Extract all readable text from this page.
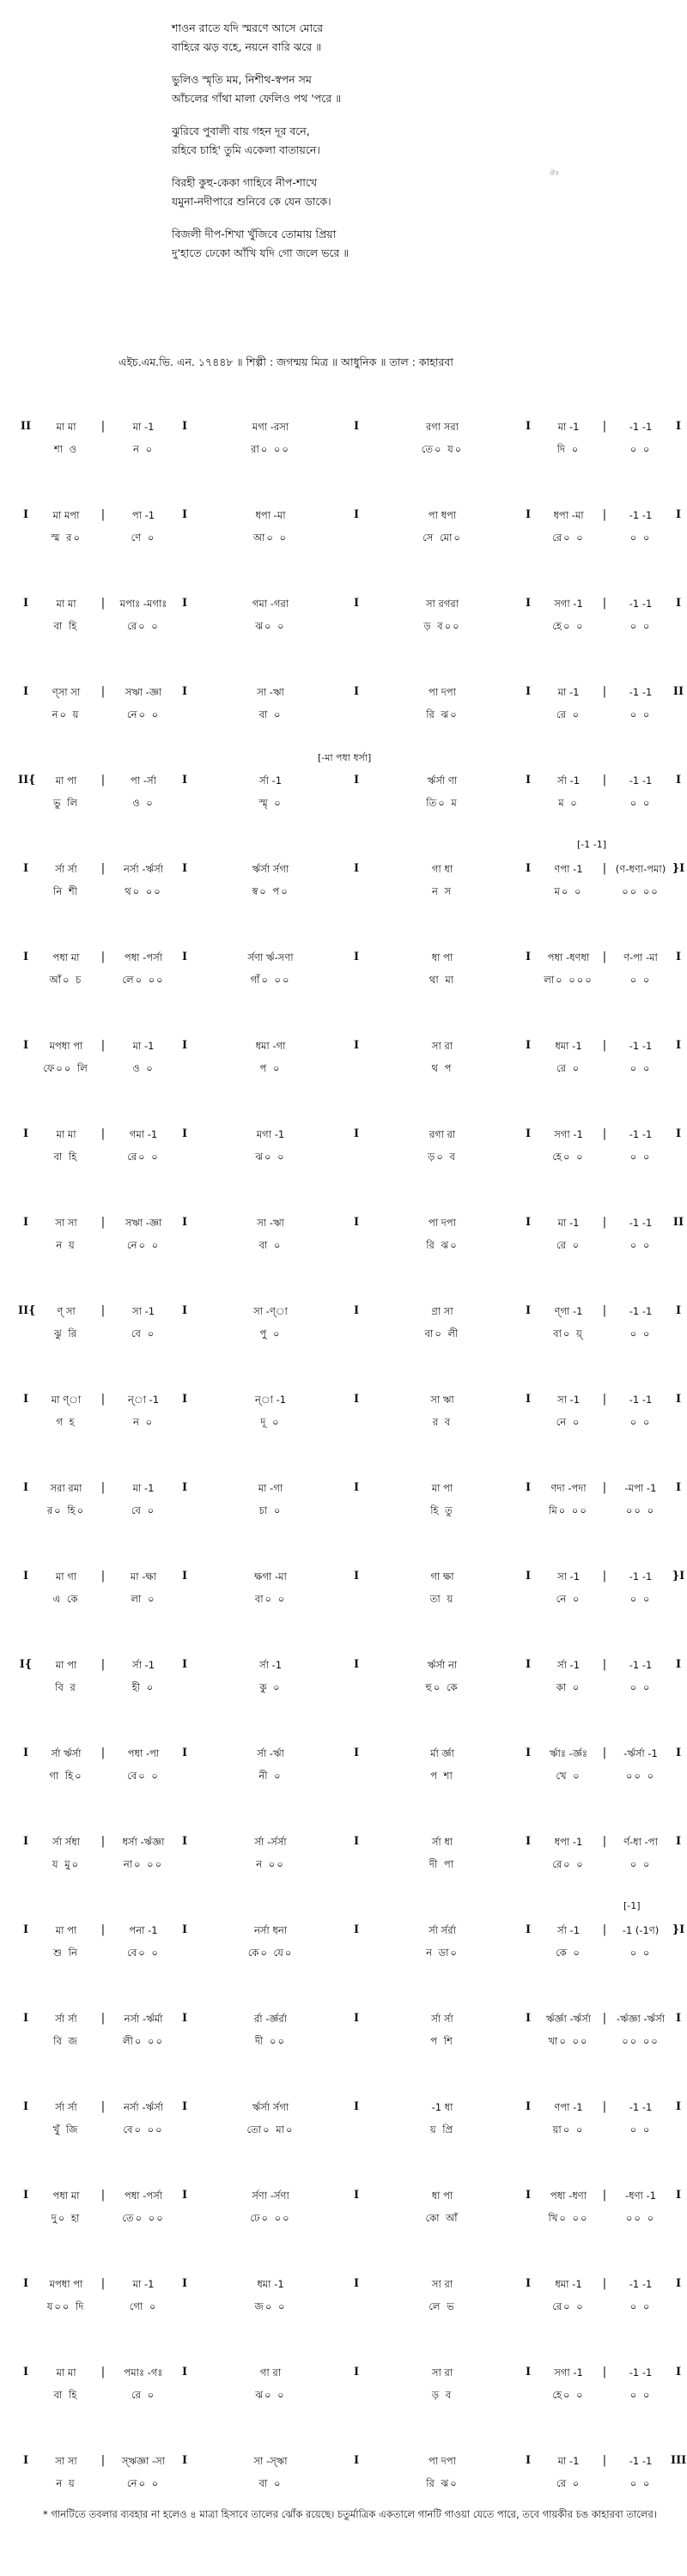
শাওন রাতে যদি স্মরণে আসে মোরে
বাহিরে ঝড় বহে, নয়নে বারি ঝরে ॥
ভুলিও স্মৃতি মম, নিশীথ-স্বপন সম
আঁচলের গাঁথা মালা ফেলিও পথ 'পরে ॥
ঝুরিবে পুবালী বায় গহন দূর বনে,
রহিবে চাহি' তুমি একেলা বাতায়নে।
বিরহী কুহু-কেকা গাহিবে নীপ-শাখে
যমুনা-নদীপারে শুনিবে কে যেন ডাকে।
বিজলী দীপ-শিখা খুঁজিবে তোমায় প্রিয়া
দু'হাতে ঢেকো আঁখি যদি গো জলে ভরে ॥
ঔঃ
এইচ.এম.ভি. এন. ১৭৪৪৮ ॥ শিল্পী : জগন্ময় মিত্র ॥ আধুনিক ॥ তাল : কাহারবা
II	I	I	I	I
মা মা	মা -1	মগা -রসা	রগা সরা	মা -1	-1 -1
|	|
শা ও	ন ০	রা০ ০০	তে০ য০	দি ০	০ ০
I	I	I	I	I
মা মপা	পা -1	ধপা -মা	পা ধপা	ধপা -মা	-1 -1
|	|
স্ম র০	ণে ০	আ০ ০	সে মো০	রে০ ০	০ ০
I	I	I	I	I
মা মা	মপাঃ -মগাঃ	গমা -গরা	সা রগরা	সগা -1	-1 -1
|	|
বা হি	রে০ ০	ঝ০ ০	ড় ব০০	হে০ ০	০ ০
I	I	I	I	II
ণ্সা সা	সঋা -জ্ঞা	সা -ঋা	পা দপা	মা -1	-1 -1
|	|
ন০ য়	নে০ ০	বা ০	রি ঝ০	রে ০	০ ০
[-মা পধা ধর্সা]
II{	I	I	I	I
মা পা	পা -র্সা	র্সা -1	র্ঋর্সা ণা	র্সা -1	-1 -1
|	|
ভু লি	ও ০	স্মৃ ০	তি০ ম	ম ০	০ ০
[-1 -1]
I	I	I	I	}I
র্সা র্সা	নর্সা -র্ঋর্সা	র্ঋর্সা র্সগা	গা ধা	ণপা -1	(ণ-ধণা-পমা)
|	|
নি শী	থ০ ০০	স্ব০ প০	ন স	ম০ ০	০০ ০০
I	I	I	I	I
পধা মা	পধা -পর্সা	র্সণা র্ঋ-সণা	ধা পা	পধা -ধণধা	ণ-পা -মা
|	|
আঁ০ চ	লে০ ০০	গাঁ০ ০০	থা মা	লা০ ০০০	০ ০
I	I	I	I	I
মপধা পা	মা -1	ধমা -গা	সা রা	ধমা -1	-1 -1
|	|
ফে০০ লি	ও ০	প ০	থ প	রে ০	০ ০
I	I	I	I	I
মা মা	গমা -1	মগা -1	রগা রা	সগা -1	-1 -1
|	|
বা হি	রে০ ০	ঝ০ ০	ড়০ ব	হে০ ০	০ ০
I	I	I	I	II
সা সা	সঋা -জ্ঞা	সা -ঋা	পা দপা	মা -1	-1 -1
|	|
ন য়	নে০ ০	বা ০	রি ঝ০	রে ০	০ ০
II{	I	I	I	I
ণ্ সা	সা -1	সা -ণ্া	ণ্রা সা	ণ্গা -1	-1 -1
|	|
ঝু রি	বে ০	পু ০	বা০ লী	বা০ য়্	০ ০
I	I	I	I	I
মা ণ্া	ন্া -1	ন্া -1	সা ঋা	সা -1	-1 -1
|	|
গ হ	ন ০	দূ ০	র ব	নে ০	০ ০
I	I	I	I	I
সরা রমা	মা -1	মা -গা	মা পা	ণদা -পদা	-মপা -1
|	|
র০ হি০	বে ০	চা ০	হি তু	মি০ ০০	০০ ০
I	I	I	I	}I
মা গা	মা -ক্ষা	ক্ষগা -মা	গা ক্ষা	সা -1	-1 -1
|	|
এ কে	লা ০	বা০ ০	তা য়	নে ০	০ ০
I{	I	I	I	I
মা পা	র্সা -1	র্সা -1	র্ঋর্সা না	র্সা -1	-1 -1
|	|
বি র	হী ০	কু ০	হু০ কে	কা ০	০ ০
I	I	I	I	I
র্সা র্ঋর্সা	পধা -পা	র্সা -র্ঋা	র্মা র্জ্ঞা	র্ঋাঃ -র্জ্ঞঃ	-র্ঋর্সা -1
|	|
গা হি০	বে০ ০	নী ০	প শা	খে ০	০০ ০
I	I	I	I	I
র্সা র্সধা	ধর্সা -র্ঋজ্ঞা	র্সা -র্সর্সা	র্সা ধা	ধপা -1	র্ণ-ধা -পা
|	|
য মু০	না০ ০০	ন ০০	দী পা	রে০ ০	০ ০
[-1]
I	I	I	I	}I
মা পা	পনা -1	নর্সা ধনা	র্সা র্সর্রা	র্সা -1	-1 (-1ণ)
|	|
শু নি	বে০ ০	কে০ যে০	ন ডা০	কে ০	০ ০
I	I	I	I	I
র্সা র্সা	নর্সা -র্ঋর্মা	র্রা -র্জ্ঞর্রা	র্সা র্সা	র্ঋর্জ্ঞা -র্ঋর্সা	-র্ঋজ্ঞা -র্ঋর্সা
|	|
বি জ	লী০ ০০	দী ০০	প শি	খা০ ০০	০০ ০০
I	I	I	I	I
র্সা র্সা	নর্সা -র্ঋর্সা	র্ঋর্সা র্সগা	-1 ধা	ণপা -1	-1 -1
|	|
খুঁ জি	বে০ ০০	তো০ মা০	য় প্রি	য়া০ ০	০ ০
I	I	I	I	I
পধা মা	পধা -পর্সা	র্সণা -র্সণা	ধা পা	পধা -ধণা	-ধণা -1
|	|
দু০ হা	তে০ ০০	ঢে০ ০০	কো আঁ	খি০ ০০	০০ ০
I	I	I	I	I
মপধা পা	মা -1	ধমা -1	সা রা	ধমা -1	-1 -1
|	|
য০০ দি	গো ০	জ০ ০	লে ভ	রে০ ০	০ ০
I	I	I	I	I
মা মা	পমাঃ -গঃ	গা রা	সা রা	সগা -1	-1 -1
|	|
বা হি	রে ০	ঝ০ ০	ড় ব	হে০ ০	০ ০
I	I	I	I	III
সা সা	স্ঋজ্ঞা -সা	সা -স্ঋা	পা দপা	মা -1	-1 -1
|	|
ন য়	নে০ ০	বা ০	রি ঝ০	রে ০	০ ০
* গানটিতে তবলার ব্যবহার না হলেও ৪ মাত্রা হিসাবে তালের ঝোঁক রয়েছে। চতুর্মাত্রিক একতালে গানটি গাওয়া যেতে পারে, তবে গায়কীর চঙ কাহারবা তালের।
